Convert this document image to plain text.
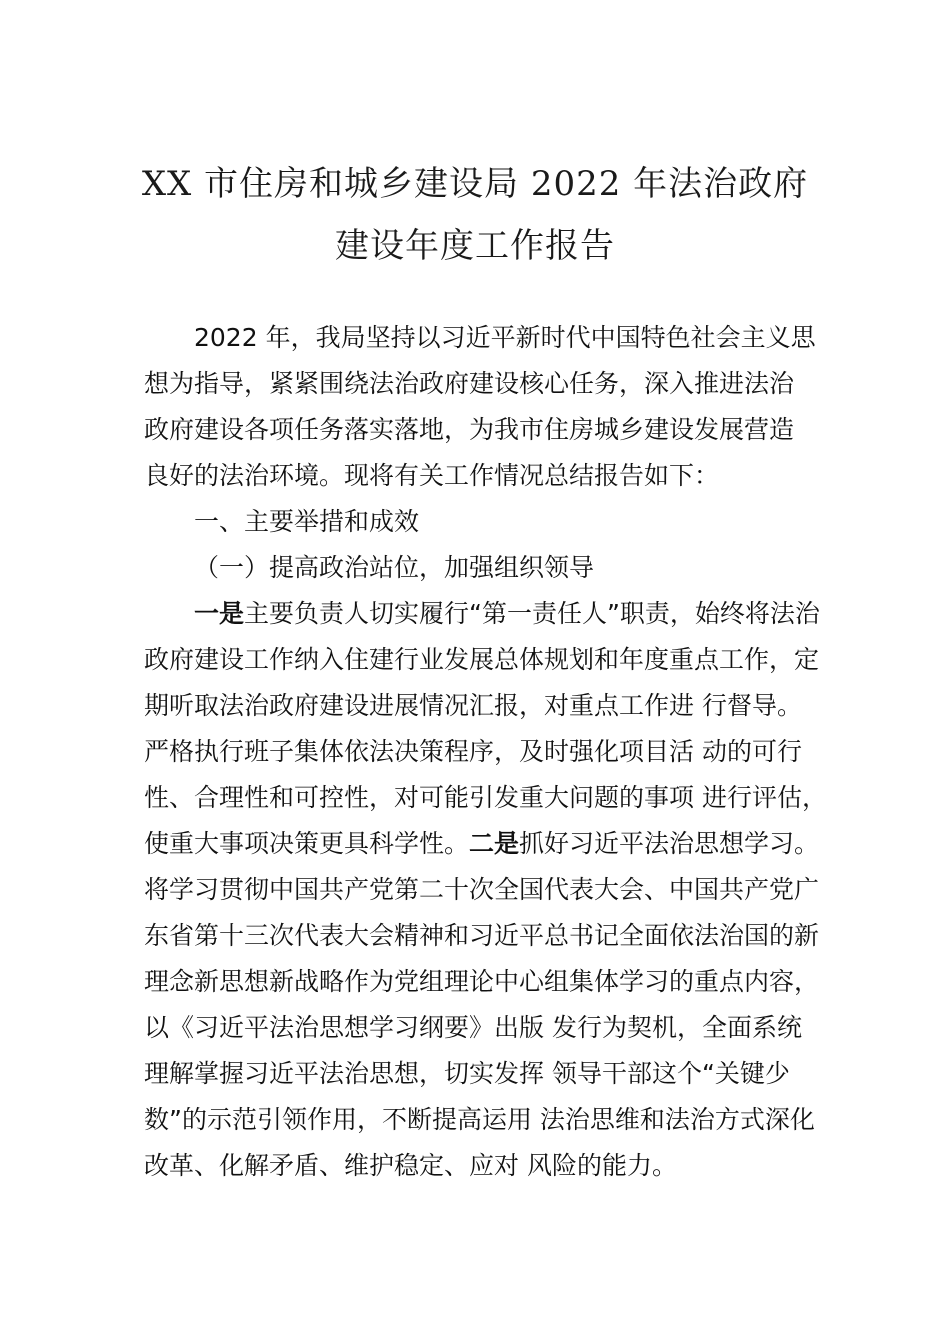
XX 市住房和城乡建设局 2022 年法治政府
建设年度工作报告
2022 年，我局坚持以习近平新时代中国特色社会主义思
想为指导，紧紧围绕法治政府建设核心任务，深入推进法治
政府建设各项任务落实落地，为我市住房城乡建设发展营造
良好的法治环境。现将有关工作情况总结报告如下：
一、主要举措和成效
（一）提高政治站位，加强组织领导
一是主要负责人切实履行“第一责任人”职责，始终将法治
政府建设工作纳入住建行业发展总体规划和年度重点工作，定
期听取法治政府建设进展情况汇报，对重点工作进 行督导。
严格执行班子集体依法决策程序，及时强化项目活 动的可行
性、合理性和可控性，对可能引发重大问题的事项 进行评估，
使重大事项决策更具科学性。二是抓好习近平法治思想学习。
将学习贯彻中国共产党第二十次全国代表大会、中国共产党广
东省第十三次代表大会精神和习近平总书记全面依法治国的新
理念新思想新战略作为党组理论中心组集体学习的重点内容，
以《习近平法治思想学习纲要》出版 发行为契机，全面系统
理解掌握习近平法治思想，切实发挥 领导干部这个“关键少
数”的示范引领作用，不断提高运用 法治思维和法治方式深化
改革、化解矛盾、维护稳定、应对 风险的能力。
